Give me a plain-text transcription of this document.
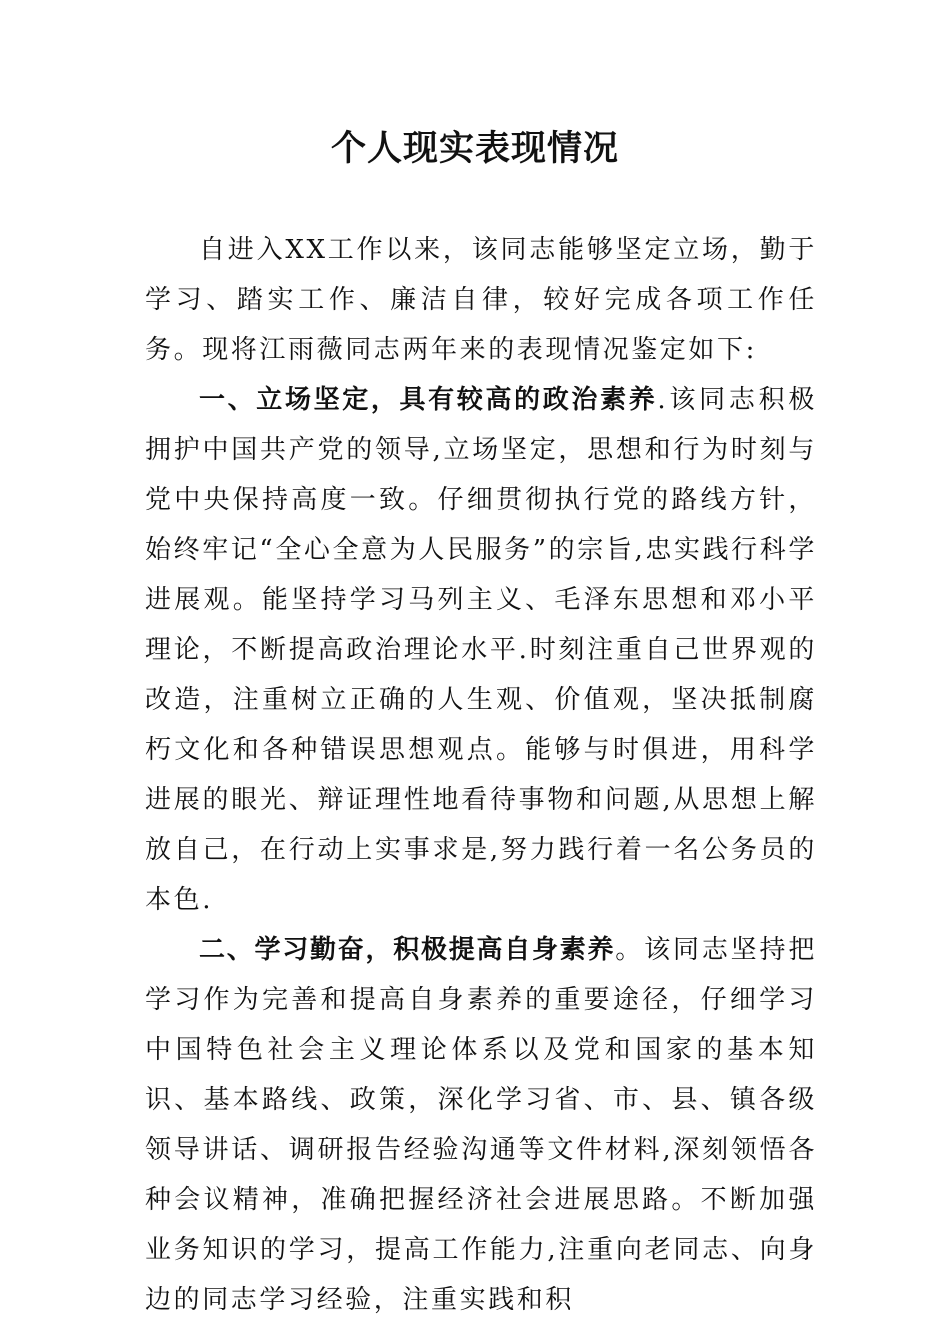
个人现实表现情况

自进入XX工作以来，该同志能够坚定立场，勤于学习、踏实工作、廉洁自律，较好完成各项工作任务。现将江雨薇同志两年来的表现情况鉴定如下:

一、立场坚定，具有较高的政治素养.该同志积极拥护中国共产党的领导,立场坚定，思想和行为时刻与党中央保持高度一致。仔细贯彻执行党的路线方针，始终牢记“全心全意为人民服务”的宗旨,忠实践行科学进展观。能坚持学习马列主义、毛泽东思想和邓小平理论，不断提高政治理论水平.时刻注重自己世界观的改造，注重树立正确的人生观、价值观，坚决抵制腐朽文化和各种错误思想观点。能够与时俱进，用科学进展的眼光、辩证理性地看待事物和问题,从思想上解放自己，在行动上实事求是,努力践行着一名公务员的本色.

二、学习勤奋，积极提高自身素养。该同志坚持把学习作为完善和提高自身素养的重要途径，仔细学习中国特色社会主义理论体系以及党和国家的基本知识、基本路线、政策，深化学习省、市、县、镇各级领导讲话、调研报告经验沟通等文件材料,深刻领悟各种会议精神，准确把握经济社会进展思路。不断加强业务知识的学习，提高工作能力,注重向老同志、向身边的同志学习经验，注重实践和积
